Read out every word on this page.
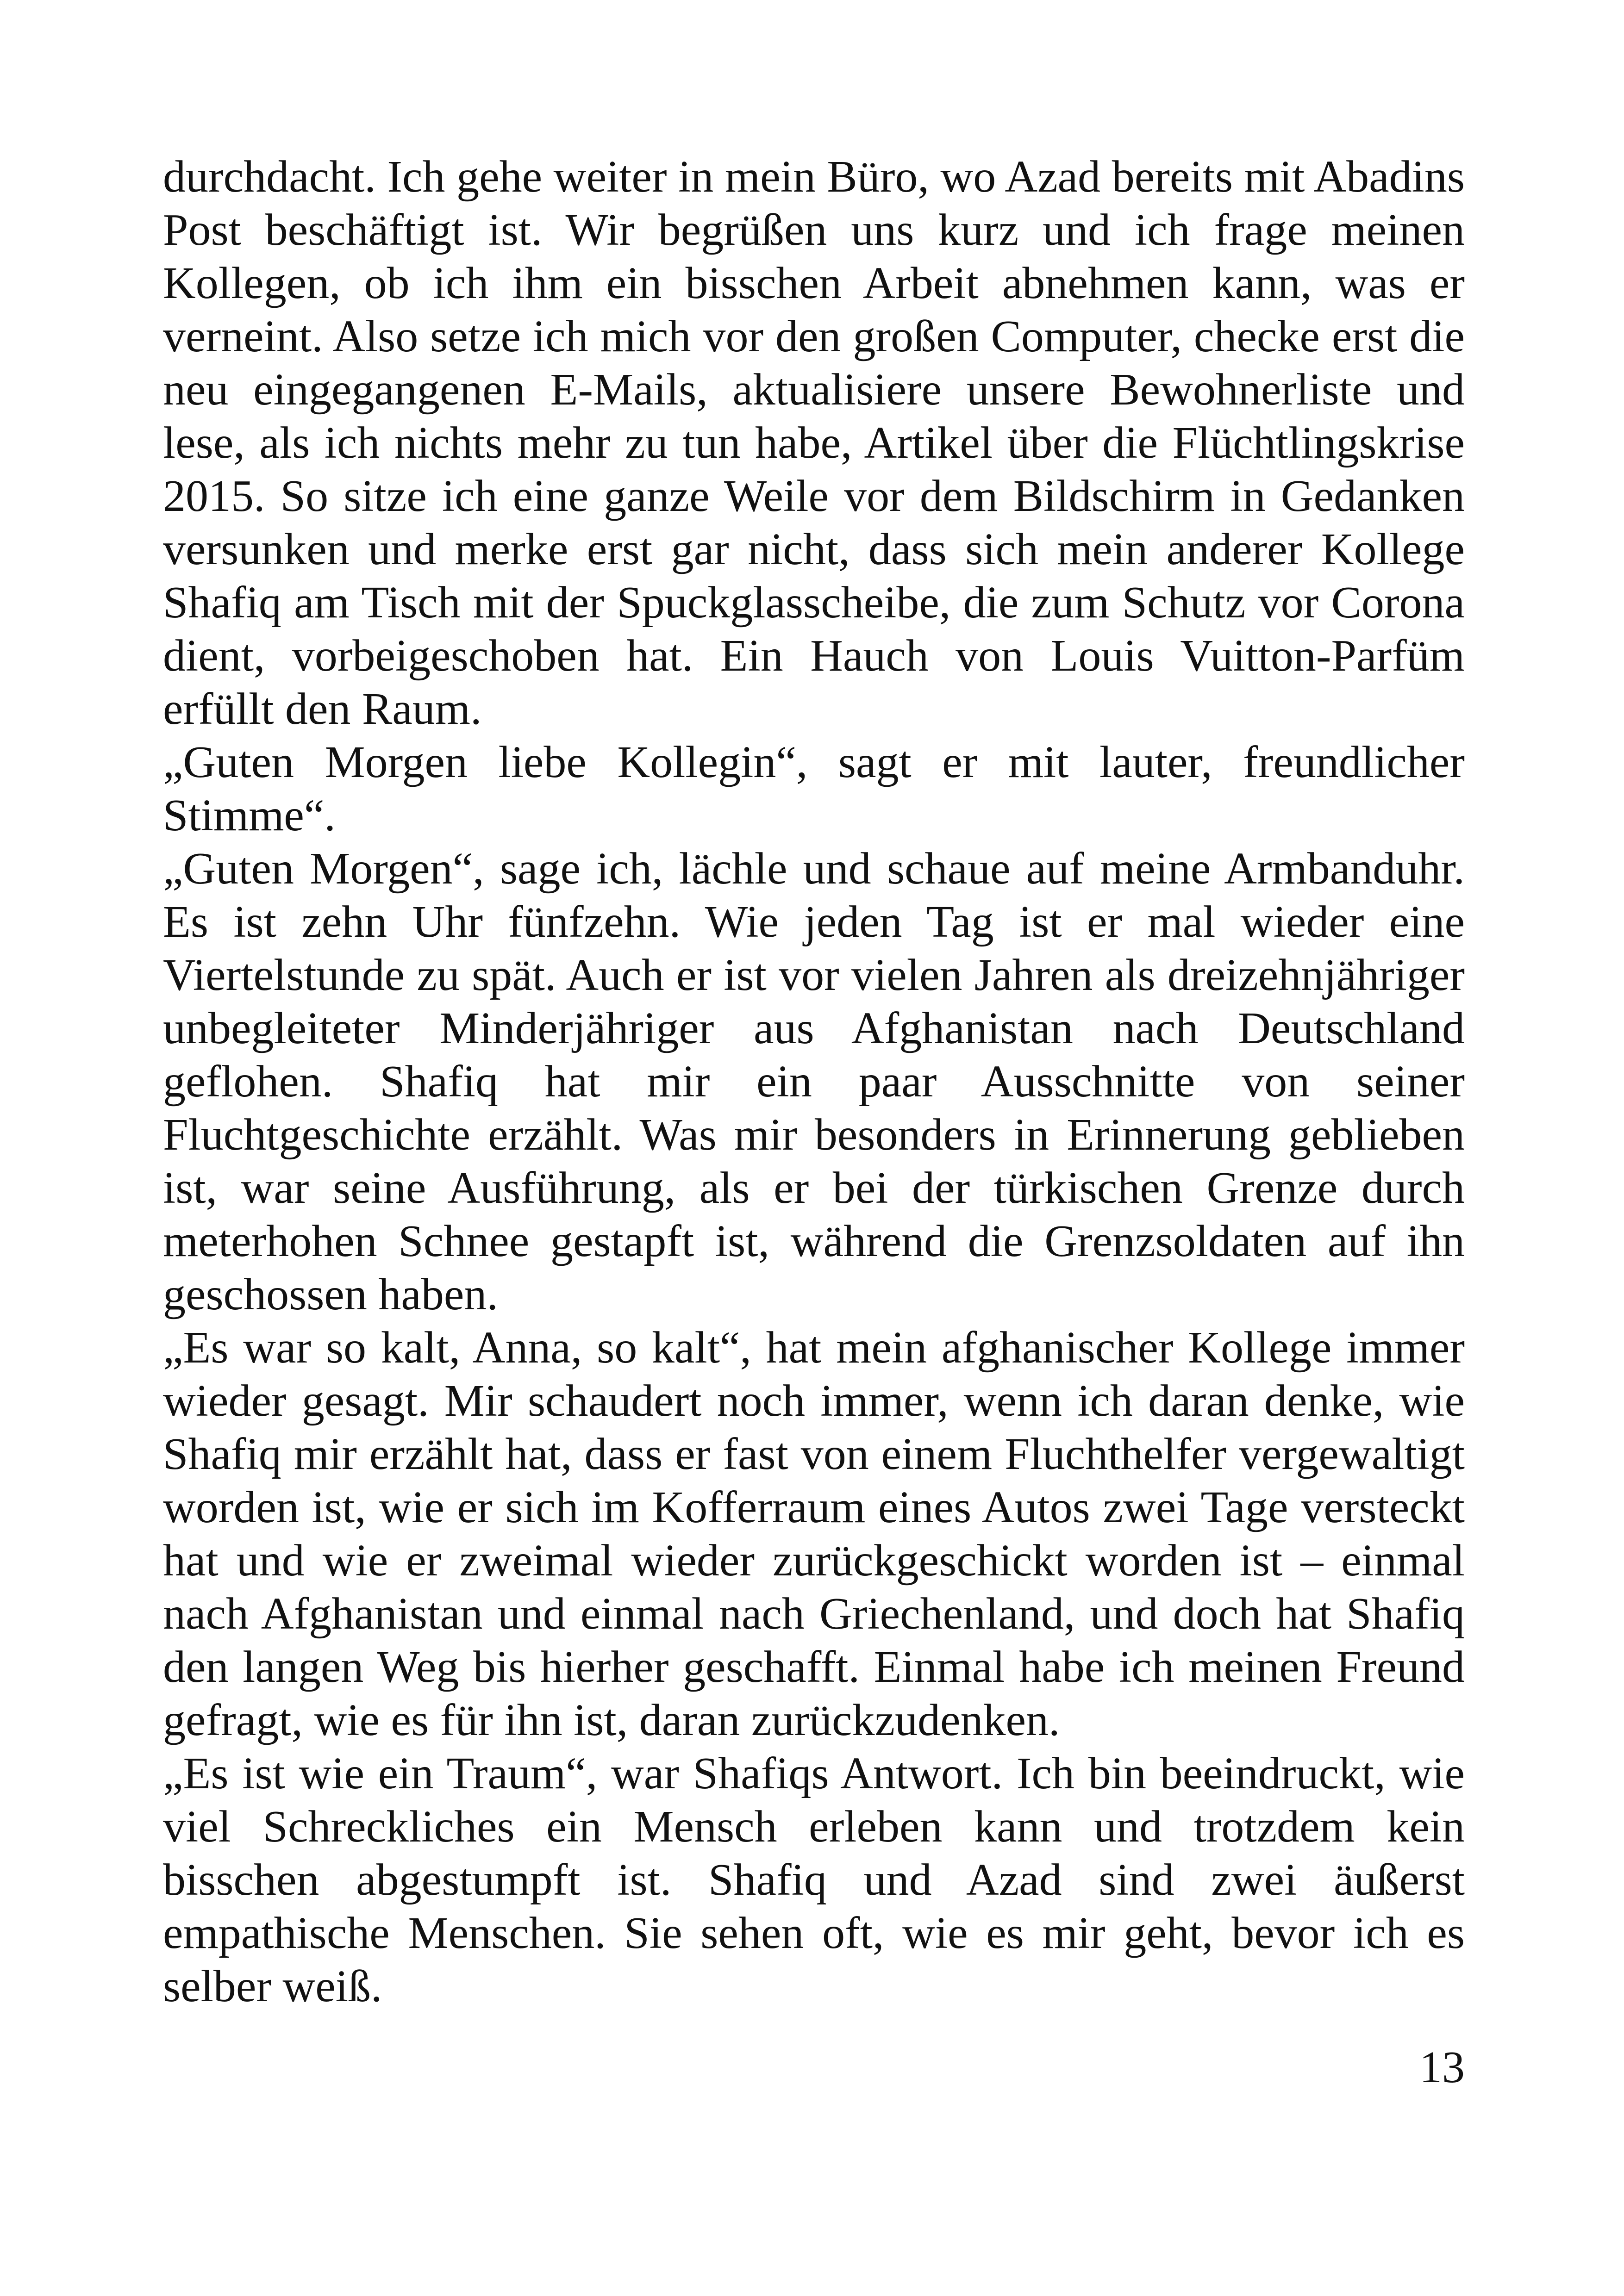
durchdacht. Ich gehe weiter in mein Büro, wo Azad bereits mit Abadins Post beschäftigt ist. Wir begrüßen uns kurz und ich frage meinen Kollegen, ob ich ihm ein bisschen Arbeit abnehmen kann, was er verneint. Also setze ich mich vor den großen Computer, checke erst die neu eingegangenen E-Mails, aktualisiere unsere Bewohnerliste und lese, als ich nichts mehr zu tun habe, Artikel über die Flüchtlingskrise 2015. So sitze ich eine ganze Weile vor dem Bildschirm in Gedanken versunken und merke erst gar nicht, dass sich mein anderer Kollege Shafiq am Tisch mit der Spuckglasscheibe, die zum Schutz vor Corona dient, vorbeigeschoben hat. Ein Hauch von Louis Vuitton-Parfüm erfüllt den Raum.

„Guten Morgen liebe Kollegin“, sagt er mit lauter, freundlicher Stimme“.

„Guten Morgen“, sage ich, lächle und schaue auf meine Armbanduhr. Es ist zehn Uhr fünfzehn. Wie jeden Tag ist er mal wieder eine Viertelstunde zu spät. Auch er ist vor vielen Jahren als dreizehnjähriger unbegleiteter Minderjähriger aus Afghanistan nach Deutschland geflohen. Shafiq hat mir ein paar Ausschnitte von seiner Fluchtgeschichte erzählt. Was mir besonders in Erinnerung geblieben ist, war seine Ausführung, als er bei der türkischen Grenze durch meterhohen Schnee gestapft ist, während die Grenzsoldaten auf ihn geschossen haben.

„Es war so kalt, Anna, so kalt“, hat mein afghanischer Kollege immer wieder gesagt. Mir schaudert noch immer, wenn ich daran denke, wie Shafiq mir erzählt hat, dass er fast von einem Fluchthelfer vergewaltigt worden ist, wie er sich im Kofferraum eines Autos zwei Tage versteckt hat und wie er zweimal wieder zurückgeschickt worden ist – einmal nach Afghanistan und einmal nach Griechenland, und doch hat Shafiq den langen Weg bis hierher geschafft. Einmal habe ich meinen Freund gefragt, wie es für ihn ist, daran zurückzudenken.

„Es ist wie ein Traum“, war Shafiqs Antwort. Ich bin beeindruckt, wie viel Schreckliches ein Mensch erleben kann und trotzdem kein bisschen abgestumpft ist. Shafiq und Azad sind zwei äußerst empathische Menschen. Sie sehen oft, wie es mir geht, bevor ich es selber weiß.

13
